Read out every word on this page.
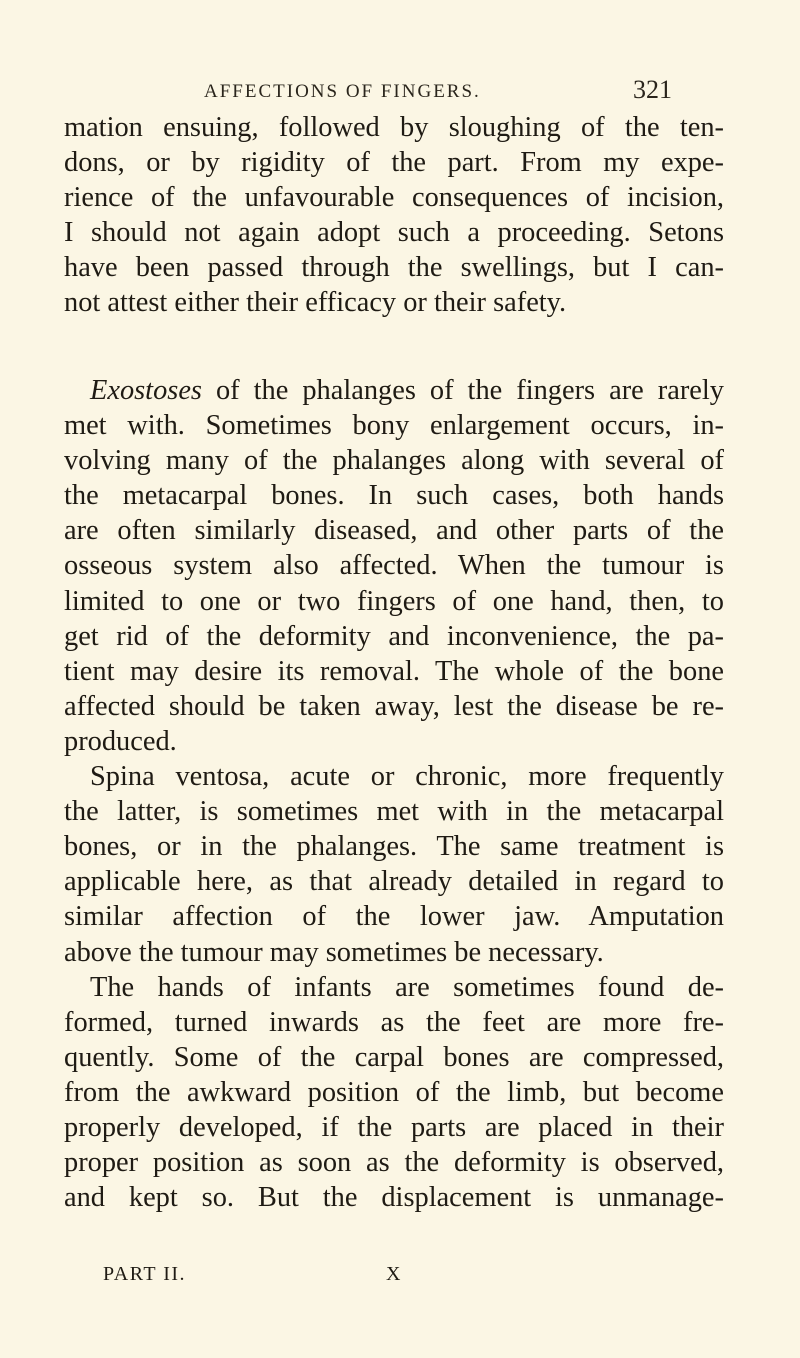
AFFECTIONS OF FINGERS.	321
mation ensuing, followed by sloughing of the ten-
dons, or by rigidity of the part. From my expe-
rience of the unfavourable consequences of incision,
I should not again adopt such a proceeding. Setons
have been passed through the swellings, but I can-
not attest either their efficacy or their safety.
Exostoses of the phalanges of the fingers are rarely
met with. Sometimes bony enlargement occurs, in-
volving many of the phalanges along with several of
the metacarpal bones. In such cases, both hands
are often similarly diseased, and other parts of the
osseous system also affected. When the tumour is
limited to one or two fingers of one hand, then, to
get rid of the deformity and inconvenience, the pa-
tient may desire its removal. The whole of the bone
affected should be taken away, lest the disease be re-
produced.
Spina ventosa, acute or chronic, more frequently
the latter, is sometimes met with in the metacarpal
bones, or in the phalanges. The same treatment is
applicable here, as that already detailed in regard to
similar affection of the lower jaw. Amputation
above the tumour may sometimes be necessary.
The hands of infants are sometimes found de-
formed, turned inwards as the feet are more fre-
quently. Some of the carpal bones are compressed,
from the awkward position of the limb, but become
properly developed, if the parts are placed in their
proper position as soon as the deformity is observed,
and kept so. But the displacement is unmanage-
PART II.	X
